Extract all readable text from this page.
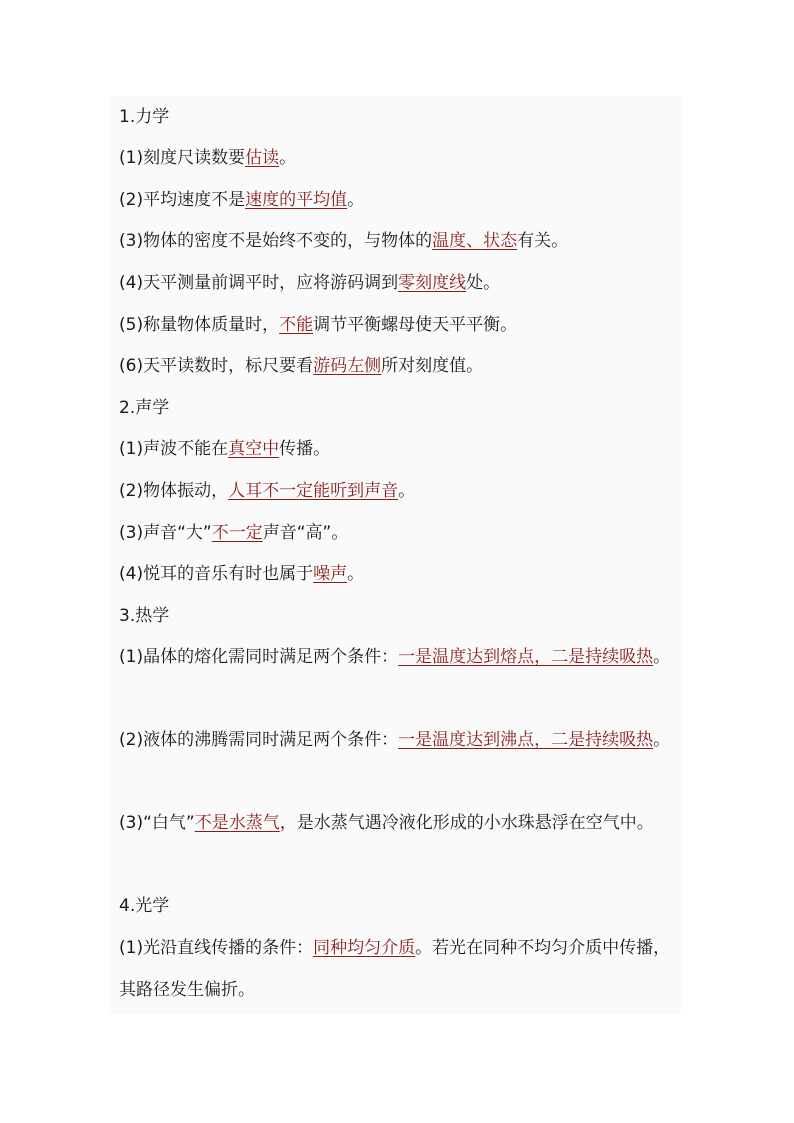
1.力学
(1)刻度尺读数要估读。
(2)平均速度不是速度的平均值。
(3)物体的密度不是始终不变的，与物体的温度、状态有关。
(4)天平测量前调平时，应将游码调到零刻度线处。
(5)称量物体质量时，不能调节平衡螺母使天平平衡。
(6)天平读数时，标尺要看游码左侧所对刻度值。
2.声学
(1)声波不能在真空中传播。
(2)物体振动，人耳不一定能听到声音。
(3)声音“大”不一定声音“高”。
(4)悦耳的音乐有时也属于噪声。
3.热学
(1)晶体的熔化需同时满足两个条件：一是温度达到熔点，二是持续吸热。
(2)液体的沸腾需同时满足两个条件：一是温度达到沸点，二是持续吸热。
(3)“白气”不是水蒸气，是水蒸气遇冷液化形成的小水珠悬浮在空气中。
4.光学
(1)光沿直线传播的条件：同种均匀介质。若光在同种不均匀介质中传播，其路径发生偏折。
